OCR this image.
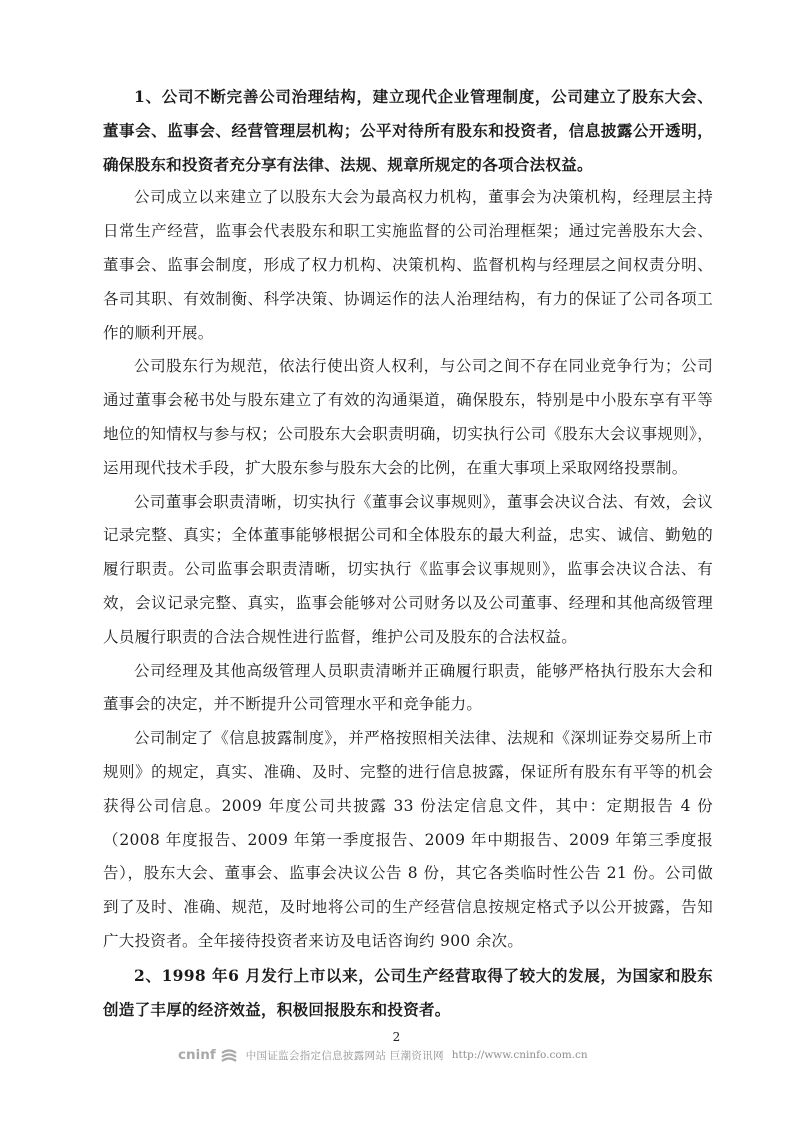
1、公司不断完善公司治理结构，建立现代企业管理制度，公司建立了股东大会、董事会、监事会、经营管理层机构；公平对待所有股东和投资者，信息披露公开透明，确保股东和投资者充分享有法律、法规、规章所规定的各项合法权益。

公司成立以来建立了以股东大会为最高权力机构，董事会为决策机构，经理层主持日常生产经营，监事会代表股东和职工实施监督的公司治理框架；通过完善股东大会、董事会、监事会制度，形成了权力机构、决策机构、监督机构与经理层之间权责分明、各司其职、有效制衡、科学决策、协调运作的法人治理结构，有力的保证了公司各项工作的顺利开展。

公司股东行为规范，依法行使出资人权利，与公司之间不存在同业竞争行为；公司通过董事会秘书处与股东建立了有效的沟通渠道，确保股东，特别是中小股东享有平等地位的知情权与参与权；公司股东大会职责明确，切实执行公司《股东大会议事规则》，运用现代技术手段，扩大股东参与股东大会的比例，在重大事项上采取网络投票制。

公司董事会职责清晰，切实执行《董事会议事规则》，董事会决议合法、有效，会议记录完整、真实；全体董事能够根据公司和全体股东的最大利益，忠实、诚信、勤勉的履行职责。公司监事会职责清晰，切实执行《监事会议事规则》，监事会决议合法、有效，会议记录完整、真实，监事会能够对公司财务以及公司董事、经理和其他高级管理人员履行职责的合法合规性进行监督，维护公司及股东的合法权益。

公司经理及其他高级管理人员职责清晰并正确履行职责，能够严格执行股东大会和董事会的决定，并不断提升公司管理水平和竞争能力。

公司制定了《信息披露制度》，并严格按照相关法律、法规和《深圳证券交易所上市规则》的规定，真实、准确、及时、完整的进行信息披露，保证所有股东有平等的机会获得公司信息。2009 年度公司共披露 33 份法定信息文件，其中：定期报告 4 份（2008 年度报告、2009 年第一季度报告、2009 年中期报告、2009 年第三季度报告），股东大会、董事会、监事会决议公告 8 份，其它各类临时性公告 21 份。公司做到了及时、准确、规范，及时地将公司的生产经营信息按规定格式予以公开披露，告知广大投资者。全年接待投资者来访及电话咨询约 900 余次。

2、1998 年6 月发行上市以来，公司生产经营取得了较大的发展，为国家和股东创造了丰厚的经济效益，积极回报股东和投资者。

2
cninf	中国证监会指定信息披露网站 巨潮资讯网 http://www.cninfo.com.cn
